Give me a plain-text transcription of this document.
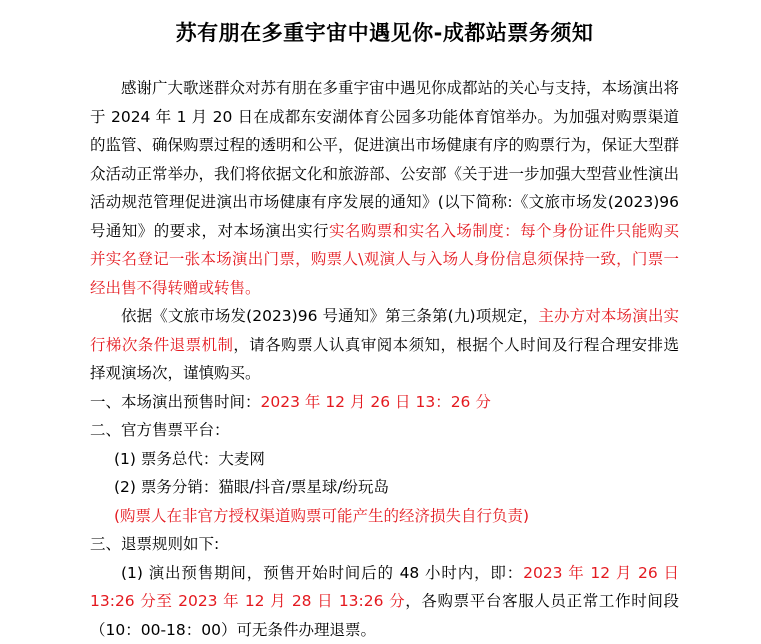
苏有朋在多重宇宙中遇见你-成都站票务须知

感谢广大歌迷群众对苏有朋在多重宇宙中遇见你成都站的关心与支持，本场演出将于 2024 年 1 月 20 日在成都东安湖体育公园多功能体育馆举办。为加强对购票渠道的监管、确保购票过程的透明和公平，促进演出市场健康有序的购票行为，保证大型群众活动正常举办，我们将依据文化和旅游部、公安部《关于进一步加强大型营业性演出活动规范管理促进演出市场健康有序发展的通知》(以下简称:《文旅市场发(2023)96 号通知》的要求，对本场演出实行实名购票和实名入场制度：每个身份证件只能购买并实名登记一张本场演出门票，购票人\观演人与入场人身份信息须保持一致，门票一经出售不得转赠或转售。

依据《文旅市场发(2023)96 号通知》第三条第(九)项规定，主办方对本场演出实行梯次条件退票机制，请各购票人认真审阅本须知，根据个人时间及行程合理安排选择观演场次，谨慎购买。

一、本场演出预售时间：2023 年 12 月 26 日 13：26 分

二、官方售票平台：

(1) 票务总代：大麦网

(2) 票务分销：猫眼/抖音/票星球/纷玩岛

(购票人在非官方授权渠道购票可能产生的经济损失自行负责)

三、退票规则如下:

(1) 演出预售期间，预售开始时间后的 48 小时内，即：2023 年 12 月 26 日 13:26 分至 2023 年 12 月 28 日 13:26 分，各购票平台客服人员正常工作时间段（10：00-18：00）可无条件办理退票。
